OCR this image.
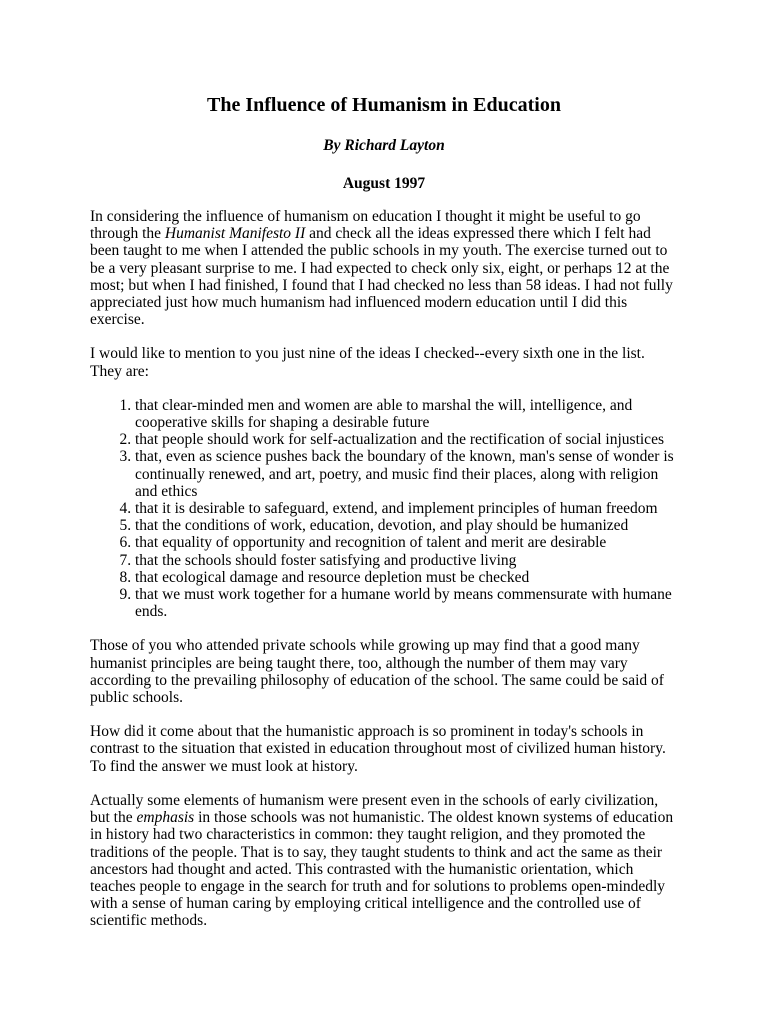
The Influence of Humanism in Education
By Richard Layton
August 1997

In considering the influence of humanism on education I thought it might be useful to go through the Humanist Manifesto II and check all the ideas expressed there which I felt had been taught to me when I attended the public schools in my youth. The exercise turned out to be a very pleasant surprise to me. I had expected to check only six, eight, or perhaps 12 at the most; but when I had finished, I found that I had checked no less than 58 ideas. I had not fully appreciated just how much humanism had influenced modern education until I did this exercise.

I would like to mention to you just nine of the ideas I checked--every sixth one in the list. They are:

1. that clear-minded men and women are able to marshal the will, intelligence, and cooperative skills for shaping a desirable future
2. that people should work for self-actualization and the rectification of social injustices
3. that, even as science pushes back the boundary of the known, man's sense of wonder is continually renewed, and art, poetry, and music find their places, along with religion and ethics
4. that it is desirable to safeguard, extend, and implement principles of human freedom
5. that the conditions of work, education, devotion, and play should be humanized
6. that equality of opportunity and recognition of talent and merit are desirable
7. that the schools should foster satisfying and productive living
8. that ecological damage and resource depletion must be checked
9. that we must work together for a humane world by means commensurate with humane ends.

Those of you who attended private schools while growing up may find that a good many humanist principles are being taught there, too, although the number of them may vary according to the prevailing philosophy of education of the school. The same could be said of public schools.

How did it come about that the humanistic approach is so prominent in today's schools in contrast to the situation that existed in education throughout most of civilized human history. To find the answer we must look at history.

Actually some elements of humanism were present even in the schools of early civilization, but the emphasis in those schools was not humanistic. The oldest known systems of education in history had two characteristics in common: they taught religion, and they promoted the traditions of the people. That is to say, they taught students to think and act the same as their ancestors had thought and acted. This contrasted with the humanistic orientation, which teaches people to engage in the search for truth and for solutions to problems open-mindedly with a sense of human caring by employing critical intelligence and the controlled use of scientific methods.
